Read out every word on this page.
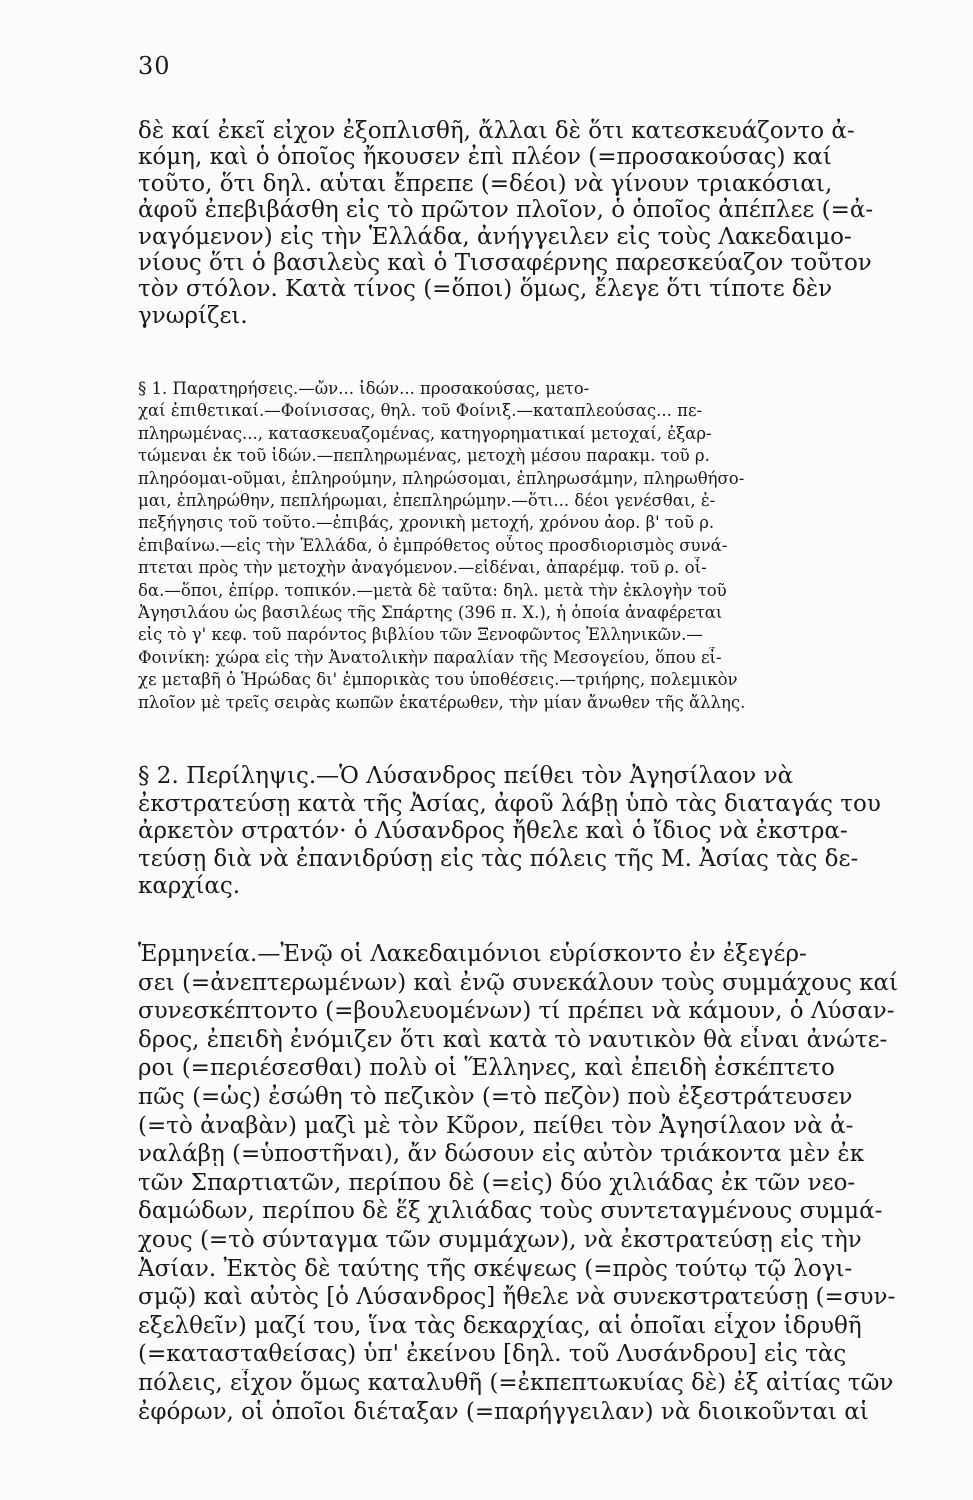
30
δὲ καί ἐκεῖ εἶχον ἐξοπλισθῆ, ἄλλαι δὲ ὅτι κατεσκευάζοντο ἀ-
κόμη, καὶ ὁ ὁποῖος ἤκουσεν ἐπὶ πλέον (=προσακούσας) καί
τοῦτο, ὅτι δηλ. αὗται ἔπρεπε (=δέοι) νὰ γίνουν τριακόσιαι,
ἀφοῦ ἐπεβιβάσθη εἰς τὸ πρῶτον πλοῖον, ὁ ὁποῖος ἀπέπλεε (=ἀ-
ναγόμενον) εἰς τὴν Ἑλλάδα, ἀνήγγειλεν εἰς τοὺς Λακεδαιμο-
νίους ὅτι ὁ βασιλεὺς καὶ ὁ Τισσαφέρνης παρεσκεύαζον τοῦτον
τὸν στόλον. Κατὰ τίνος (=ὅποι) ὅμως, ἔλεγε ὅτι τίποτε δὲν
γνωρίζει.
§ 1. Παρατηρήσεις.—ὤν... ἰδών... προσακούσας, μετο-
χαί ἐπιθετικαί.—Φοίνισσας, θηλ. τοῦ Φοίνιξ.—καταπλεούσας... πε-
πληρωμένας..., κατασκευαζομένας, κατηγορηματικαί μετοχαί, ἐξαρ-
τώμεναι ἐκ τοῦ ἰδών.—πεπληρωμένας, μετοχὴ μέσου παρακμ. τοῦ ρ.
πληρόομαι-οῦμαι, ἐπληρούμην, πληρώσομαι, ἐπληρωσάμην, πληρωθήσο-
μαι, ἐπληρώθην, πεπλήρωμαι, ἐπεπληρώμην.—ὅτι... δέοι γενέσθαι, ἐ-
πεξήγησις τοῦ τοῦτο.—ἐπιβάς, χρονικὴ μετοχή, χρόνου ἀορ. β' τοῦ ρ.
ἐπιβαίνω.—εἰς τὴν Ἑλλάδα, ὁ ἐμπρόθετος οὗτος προσδιορισμὸς συνά-
πτεται πρὸς τὴν μετοχὴν ἀναγόμενον.—εἰδέναι, ἀπαρέμφ. τοῦ ρ. οἶ-
δα.—ὅποι, ἐπίρρ. τοπικόν.—μετὰ δὲ ταῦτα: δηλ. μετὰ τὴν ἐκλογὴν τοῦ
Ἀγησιλάου ὡς βασιλέως τῆς Σπάρτης (396 π. Χ.), ἡ ὁποία ἀναφέρεται
εἰς τὸ γ' κεφ. τοῦ παρόντος βιβλίου τῶν Ξενοφῶντος Ἑλληνικῶν.—
Φοινίκη: χώρα εἰς τὴν Ἀνατολικὴν παραλίαν τῆς Μεσογείου, ὅπου εἶ-
χε μεταβῆ ὁ Ἡρώδας δι' ἐμπορικὰς του ὑποθέσεις.—τριήρης, πολεμικὸν
πλοῖον μὲ τρεῖς σειρὰς κωπῶν ἑκατέρωθεν, τὴν μίαν ἄνωθεν τῆς ἄλλης.
§ 2. Περίληψις.—Ὁ Λύσανδρος πείθει τὸν Ἀγησίλαον νὰ
ἐκστρατεύσῃ κατὰ τῆς Ἀσίας, ἀφοῦ λάβῃ ὑπὸ τὰς διαταγάς του
ἀρκετὸν στρατόν· ὁ Λύσανδρος ἤθελε καὶ ὁ ἴδιος νὰ ἐκστρα-
τεύσῃ διὰ νὰ ἐπανιδρύσῃ εἰς τὰς πόλεις τῆς Μ. Ἀσίας τὰς δε-
καρχίας.
Ἑρμηνεία.—Ἐνῷ οἱ Λακεδαιμόνιοι εὑρίσκοντο ἐν ἐξεγέρ-
σει (=ἀνεπτερωμένων) καὶ ἐνῷ συνεκάλουν τοὺς συμμάχους καί
συνεσκέπτοντο (=βουλευομένων) τί πρέπει νὰ κάμουν, ὁ Λύσαν-
δρος, ἐπειδὴ ἐνόμιζεν ὅτι καὶ κατὰ τὸ ναυτικὸν θὰ εἶναι ἀνώτε-
ροι (=περιέσεσθαι) πολὺ οἱ Ἕλληνες, καὶ ἐπειδὴ ἐσκέπτετο
πῶς (=ὡς) ἐσώθη τὸ πεζικὸν (=τὸ πεζὸν) ποὺ ἐξεστράτευσεν
(=τὸ ἀναβὰν) μαζὶ μὲ τὸν Κῦρον, πείθει τὸν Ἀγησίλαον νὰ ἀ-
ναλάβῃ (=ὑποστῆναι), ἄν δώσουν εἰς αὐτὸν τριάκοντα μὲν ἐκ
τῶν Σπαρτιατῶν, περίπου δὲ (=εἰς) δύο χιλιάδας ἐκ τῶν νεο-
δαμώδων, περίπου δὲ ἕξ χιλιάδας τοὺς συντεταγμένους συμμά-
χους (=τὸ σύνταγμα τῶν συμμάχων), νὰ ἐκστρατεύσῃ εἰς τὴν
Ἀσίαν. Ἐκτὸς δὲ ταύτης τῆς σκέψεως (=πρὸς τούτῳ τῷ λογι-
σμῷ) καὶ αὐτὸς [ὁ Λύσανδρος] ἤθελε νὰ συνεκστρατεύσῃ (=συν-
εξελθεῖν) μαζί του, ἵνα τὰς δεκαρχίας, αἱ ὁποῖαι εἶχον ἱδρυθῆ
(=κατασταθείσας) ὑπ' ἐκείνου [δηλ. τοῦ Λυσάνδρου] εἰς τὰς
πόλεις, εἶχον ὅμως καταλυθῆ (=ἐκπεπτωκυίας δὲ) ἐξ αἰτίας τῶν
ἐφόρων, οἱ ὁποῖοι διέταξαν (=παρήγγειλαν) νὰ διοικοῦνται αἱ
